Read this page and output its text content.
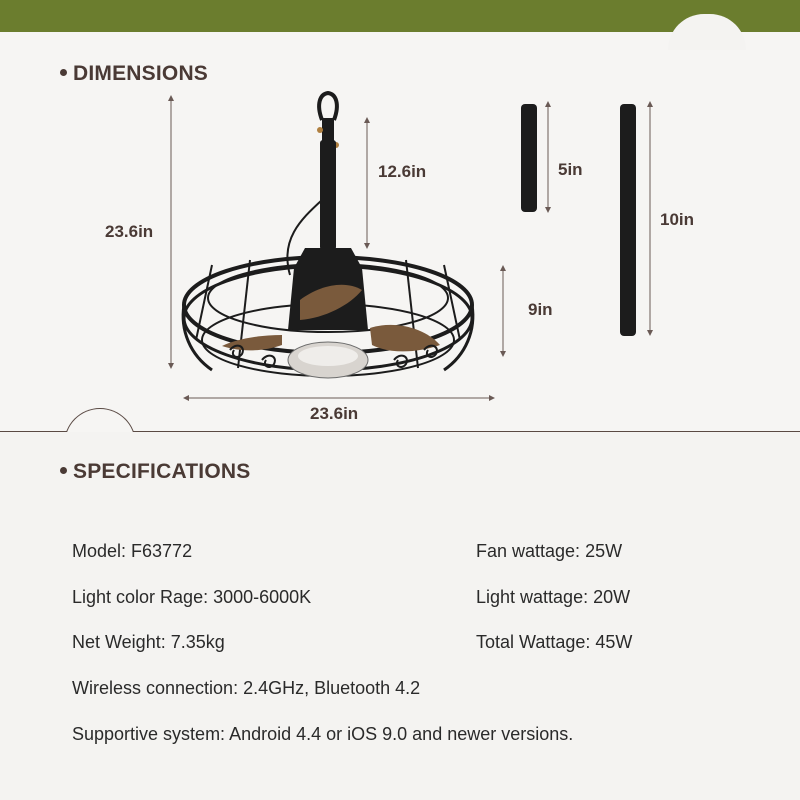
DIMENSIONS
23.6in
12.6in
9in
23.6in
5in
10in
SPECIFICATIONS
Model: F63772	Fan wattage: 25W
Light color Rage: 3000-6000K	Light wattage: 20W
Net Weight: 7.35kg	Total Wattage: 45W
Wireless connection: 2.4GHz, Bluetooth 4.2
Supportive system: Android 4.4 or iOS 9.0 and newer versions.
